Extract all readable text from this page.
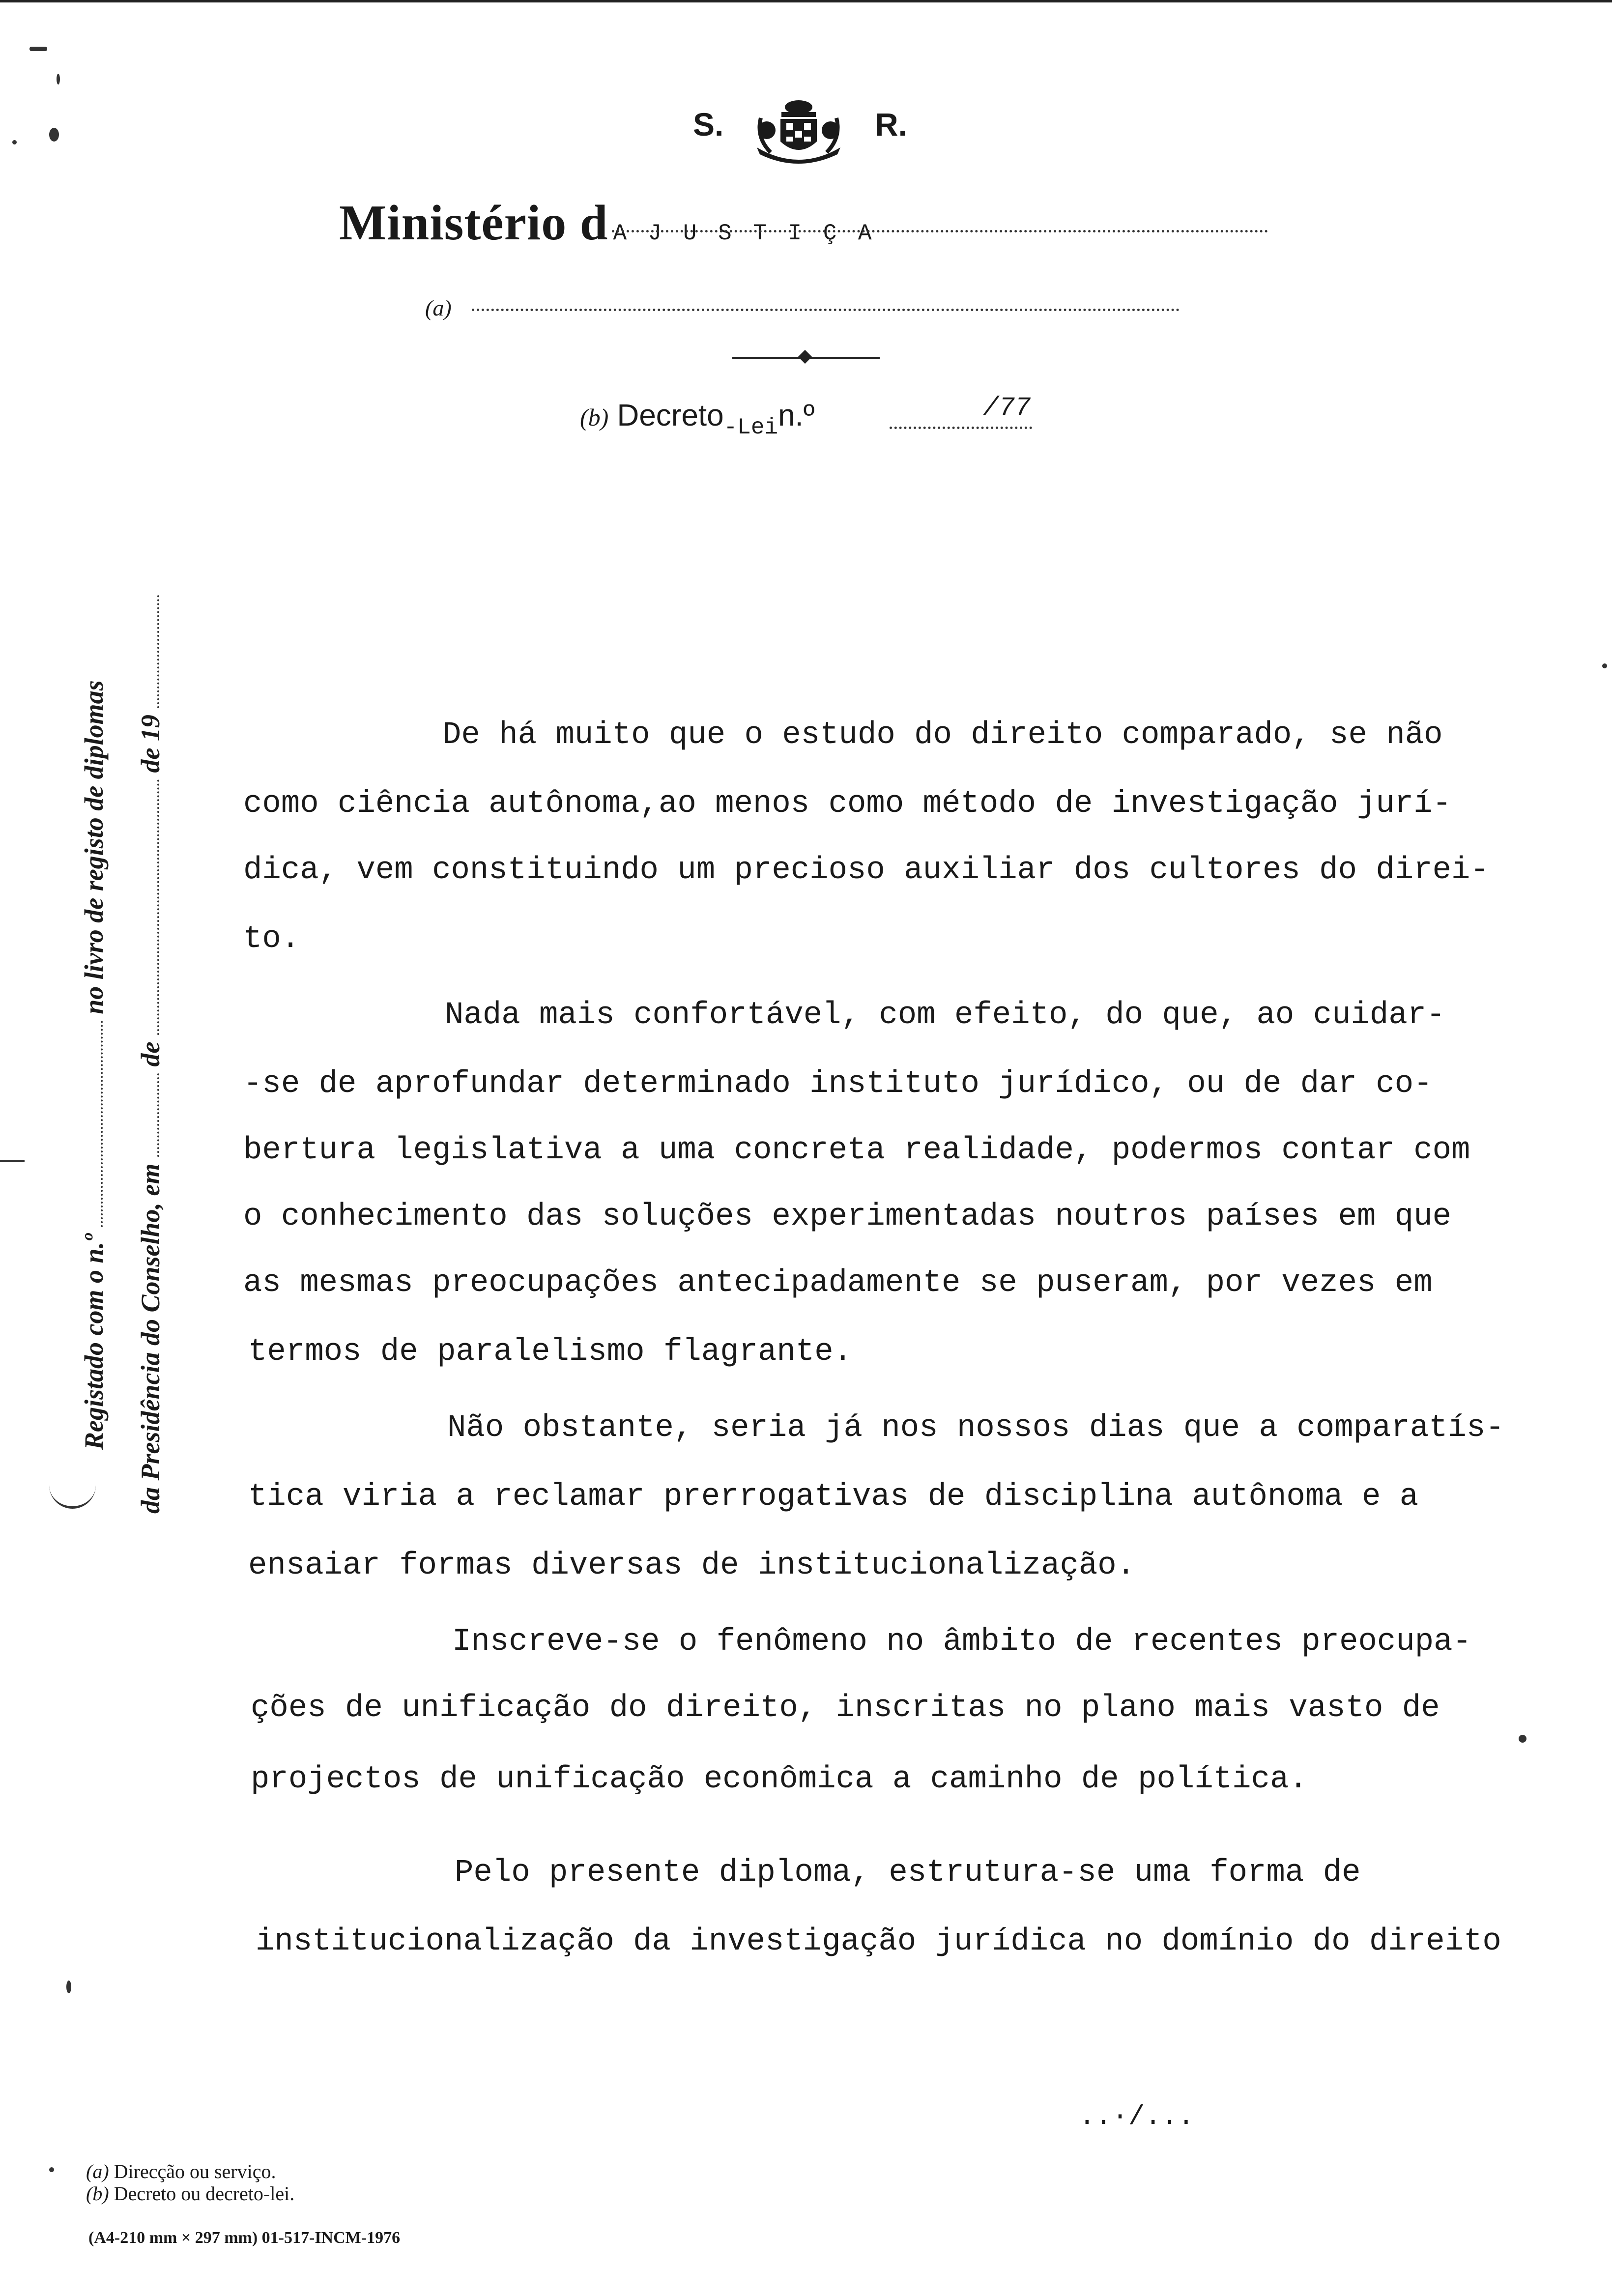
S.	R.
Ministério d A J U S T I Ç A
(a)
(b) Decreto$_{-Lei}$n.º	/77
Registado com o n.º  no livro de registo de diplomas
da Presidência do Conselho, em  de  de 19	De há muito que o estudo do direito comparado, se não
como ciência autônoma,ao menos como método de investigação jurí-
dica, vem constituindo um precioso auxiliar dos cultores do direi-
to.
Nada mais confortável, com efeito, do que, ao cuidar-
-se de aprofundar determinado instituto jurídico, ou de dar co-
bertura legislativa a uma concreta realidade, podermos contar com
o conhecimento das soluções experimentadas noutros países em que
as mesmas preocupações antecipadamente se puseram, por vezes em
termos de paralelismo flagrante.
Não obstante, seria já nos nossos dias que a comparatís-
tica viria a reclamar prerrogativas de disciplina autônoma e a
ensaiar formas diversas de institucionalização.
Inscreve-se o fenômeno no âmbito de recentes preocupa-
ções de unificação do direito, inscritas no plano mais vasto de
projectos de unificação econômica a caminho de política.
Pelo presente diploma, estrutura-se uma forma de
institucionalização da investigação jurídica no domínio do direito
(a) Direcção ou serviço.
(b) Decreto ou decreto-lei.
..·/...
(A4-210 mm × 297 mm) 01-517-INCM-1976
